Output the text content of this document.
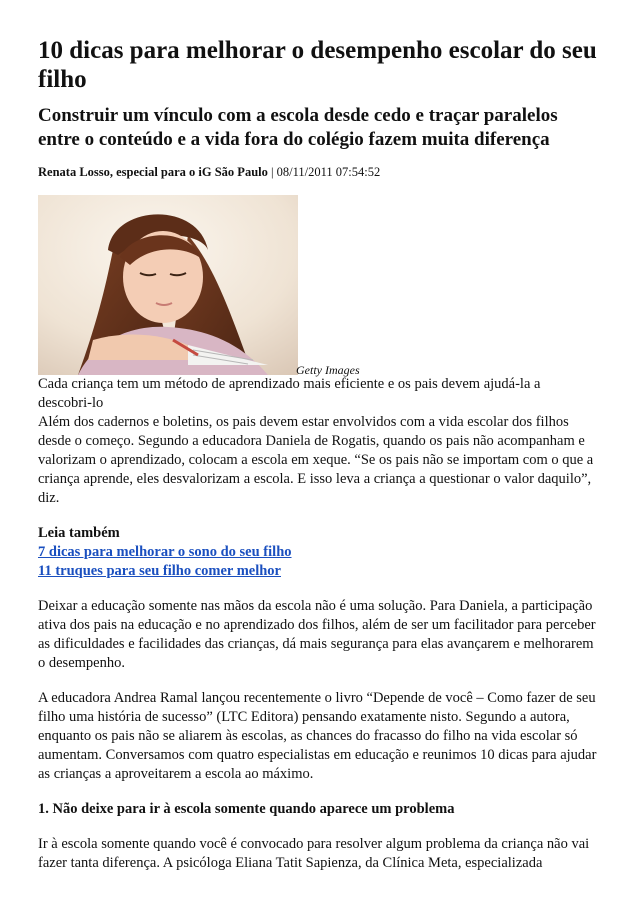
10 dicas para melhorar o desempenho escolar do seu filho
Construir um vínculo com a escola desde cedo e traçar paralelos entre o conteúdo e a vida fora do colégio fazem muita diferença
Renata Losso, especial para o iG São Paulo | 08/11/2011 07:54:52
Getty Images

Cada criança tem um método de aprendizado mais eficiente e os pais devem ajudá-la a descobri-lo

Além dos cadernos e boletins, os pais devem estar envolvidos com a vida escolar dos filhos desde o começo. Segundo a educadora Daniela de Rogatis, quando os pais não acompanham e valorizam o aprendizado, colocam a escola em xeque. “Se os pais não se importam com o que a criança aprende, eles desvalorizam a escola. E isso leva a criança a questionar o valor daquilo”, diz.

Leia também
7 dicas para melhorar o sono do seu filho
11 truques para seu filho comer melhor

Deixar a educação somente nas mãos da escola não é uma solução. Para Daniela, a participação ativa dos pais na educação e no aprendizado dos filhos, além de ser um facilitador para perceber as dificuldades e facilidades das crianças, dá mais segurança para elas avançarem e melhorarem o desempenho.

A educadora Andrea Ramal lançou recentemente o livro “Depende de você – Como fazer de seu filho uma história de sucesso” (LTC Editora) pensando exatamente nisto. Segundo a autora, enquanto os pais não se aliarem às escolas, as chances do fracasso do filho na vida escolar só aumentam. Conversamos com quatro especialistas em educação e reunimos 10 dicas para ajudar as crianças a aproveitarem a escola ao máximo.

1. Não deixe para ir à escola somente quando aparece um problema

Ir à escola somente quando você é convocado para resolver algum problema da criança não vai fazer tanta diferença. A psicóloga Eliana Tatit Sapienza, da Clínica Meta, especializada
